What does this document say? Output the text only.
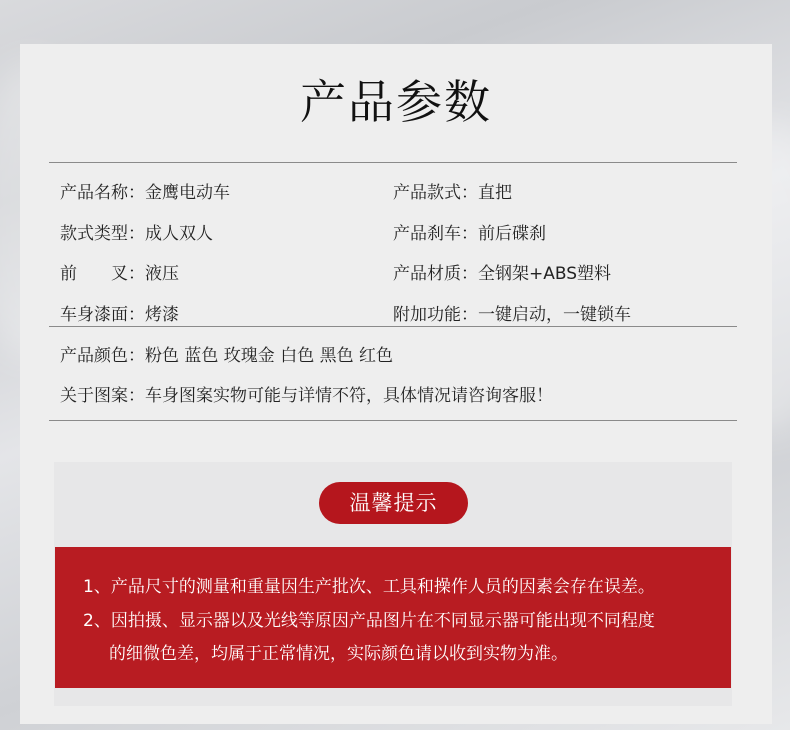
产品参数
产品名称：金鹰电动车	产品款式：直把
款式类型：成人双人	产品刹车：前后碟刹
前　　叉：液压	产品材质：全钢架+ABS塑料
车身漆面：烤漆	附加功能：一键启动，一键锁车
产品颜色：粉色 蓝色 玫瑰金 白色 黑色 红色
关于图案：车身图案实物可能与详情不符，具体情况请咨询客服！
温馨提示
1、产品尺寸的测量和重量因生产批次、工具和操作人员的因素会存在误差。
2、因拍摄、显示器以及光线等原因产品图片在不同显示器可能出现不同程度
的细微色差，均属于正常情况，实际颜色请以收到实物为准。
